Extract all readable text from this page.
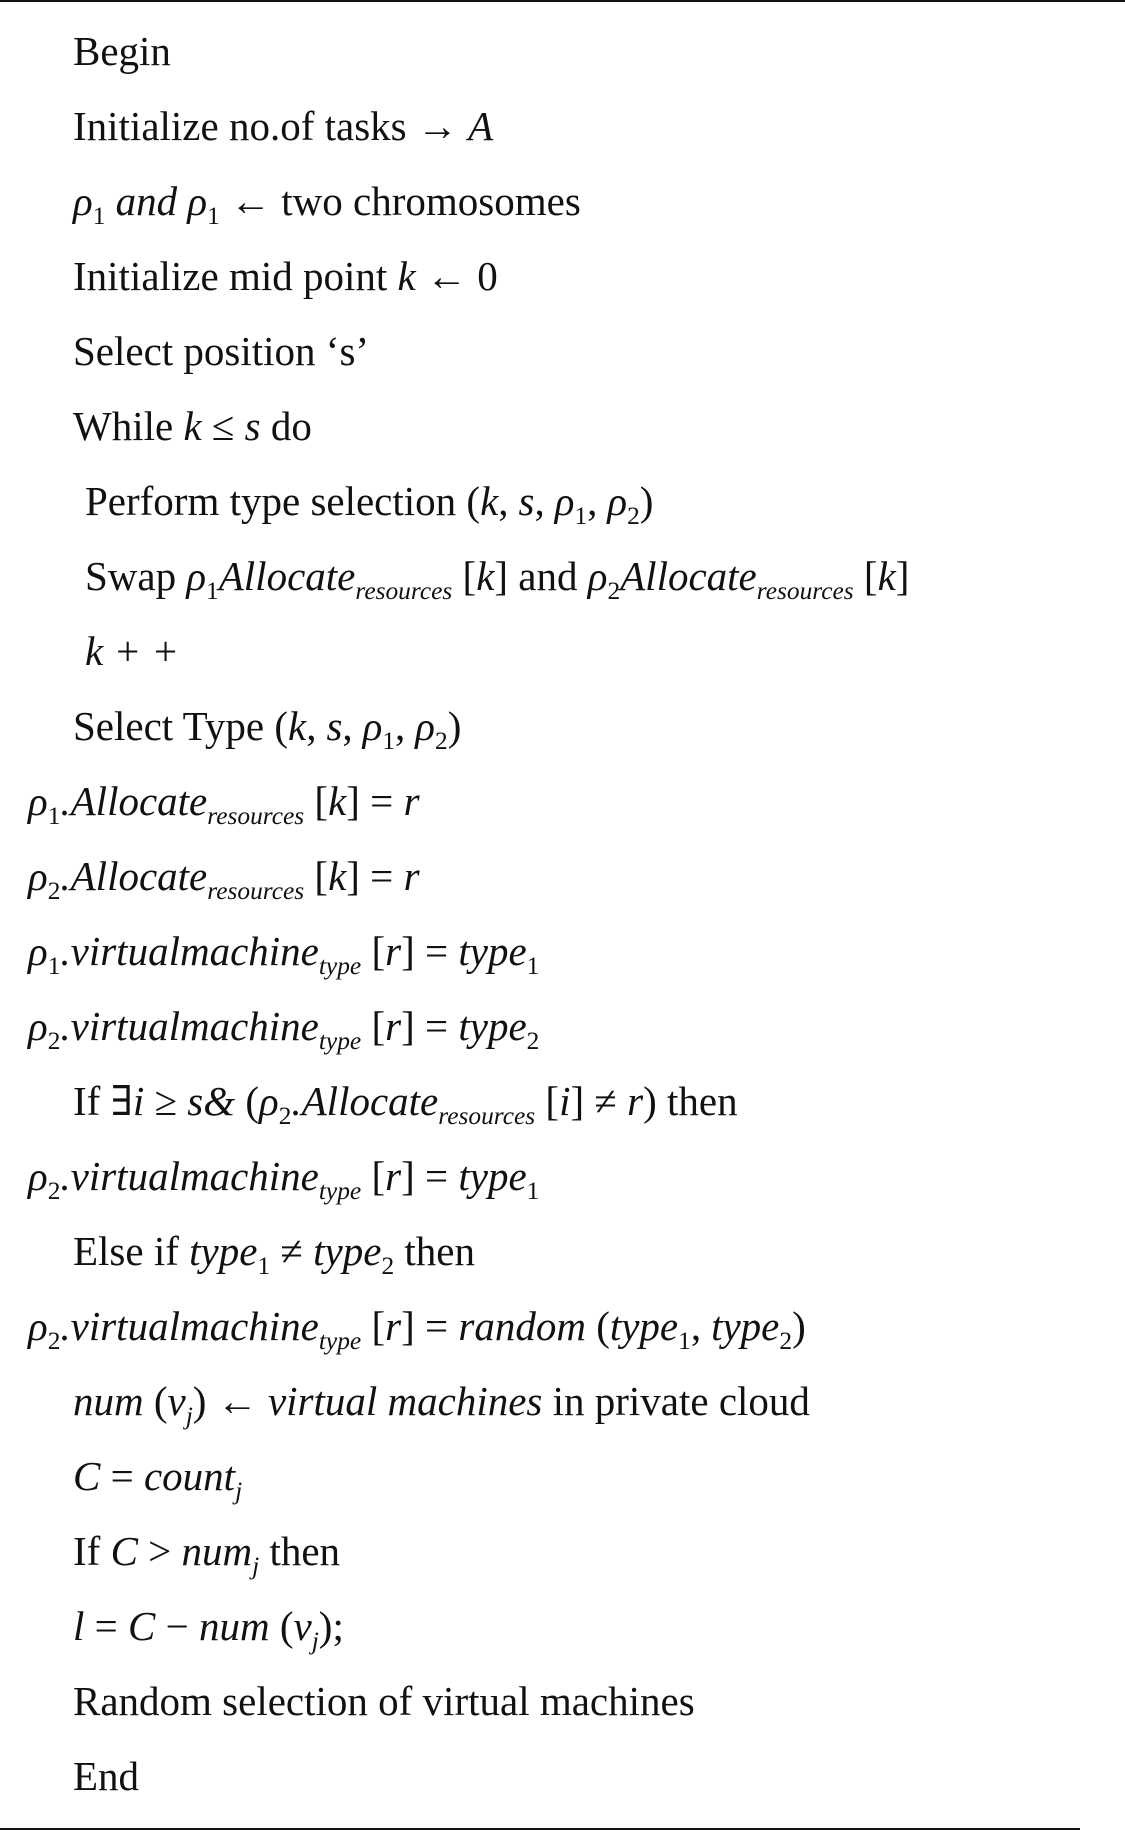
Begin
Initialize no.of tasks → A
$\rho_1$ and $\rho_1$ ← two chromosomes
Initialize mid point k ← 0
Select position ‘s’
While k ≤ s do
Perform type selection (k, s, $\rho_1$, $\rho_2$)
Swap $\rho_1Allocate_{resources}$ [k] and $\rho_2Allocate_{resources}$ [k]
k + +
Select Type (k, s, $\rho_1$, $\rho_2$)
$\rho_1.Allocate_{resources}$ [k] = r
$\rho_2.Allocate_{resources}$ [k] = r
$\rho_1.virtualmachine_{type}$ [r] = type$_1$
$\rho_2.virtualmachine_{type}$ [r] = type$_2$
If ∃i ≥ s& ($\rho_2.Allocate_{resources}$ [i] ≠ r) then
$\rho_2.virtualmachine_{type}$ [r] = type$_1$
Else if type$_1$ ≠ type$_2$ then
$\rho_2.virtualmachine_{type}$ [r] = random (type$_1$, type$_2$)
num $(v_j)$ ← virtual machines in private cloud
C = count$_j$
If C > num$_j$ then
l = C − num $(v_j)$;
Random selection of virtual machines
End
